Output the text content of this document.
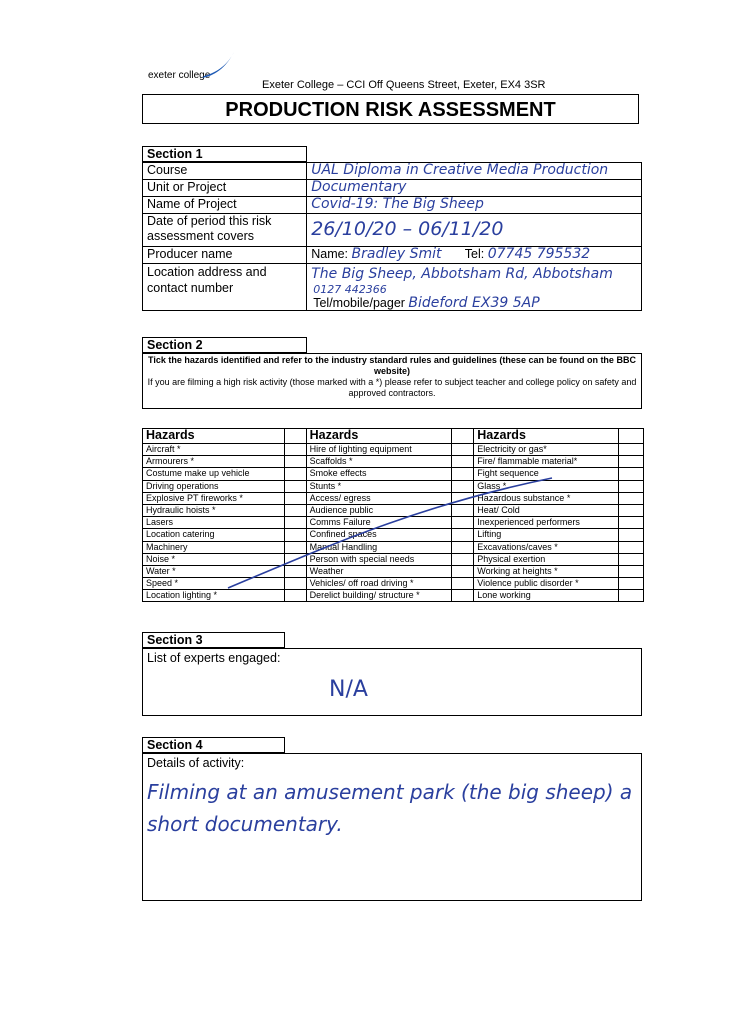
exeter college
Exeter College – CCI Off Queens Street, Exeter, EX4 3SR
PRODUCTION RISK ASSESSMENT
Section 1
Course	UAL Diploma in Creative Media Production
Unit or Project	Documentary
Name of Project	Covid-19: The Big Sheep
Date of period this risk assessment covers	26/10/20 – 06/11/20
Producer name	Name: Bradley Smit Tel: 07745 795532
Location address and contact number	The Big Sheep, Abbotsham Rd, Abbotsham
0127 442366
Tel/mobile/pager Bideford EX39 5AP
Section 2
Tick the hazards identified and refer to the industry standard rules and guidelines (these can be found on the BBC website)
If you are filming a high risk activity (those marked with a *) please refer to subject teacher and college policy on safety and approved contractors.
Hazards		Hazards		Hazards	
Aircraft *		Hire of lighting equipment		Electricity or gas*	
Armourers *		Scaffolds *		Fire/ flammable material*	
Costume make up vehicle		Smoke effects		Fight sequence	
Driving operations		Stunts *		Glass *	
Explosive PT fireworks *		Access/ egress		Hazardous substance *	
Hydraulic hoists *		Audience public		Heat/ Cold	
Lasers		Comms Failure		Inexperienced performers	
Location catering		Confined spaces		Lifting	
Machinery		Manual Handling		Excavations/caves *	
Noise *		Person with special needs		Physical exertion	
Water *		Weather		Working at heights *	
Speed *		Vehicles/ off road driving *		Violence public disorder *	
Location lighting *		Derelict building/ structure *		Lone working	
Section 3
List of experts engaged:
N/A
Section 4
Details of activity:
Filming at an amusement park (the big sheep) a
short documentary.
